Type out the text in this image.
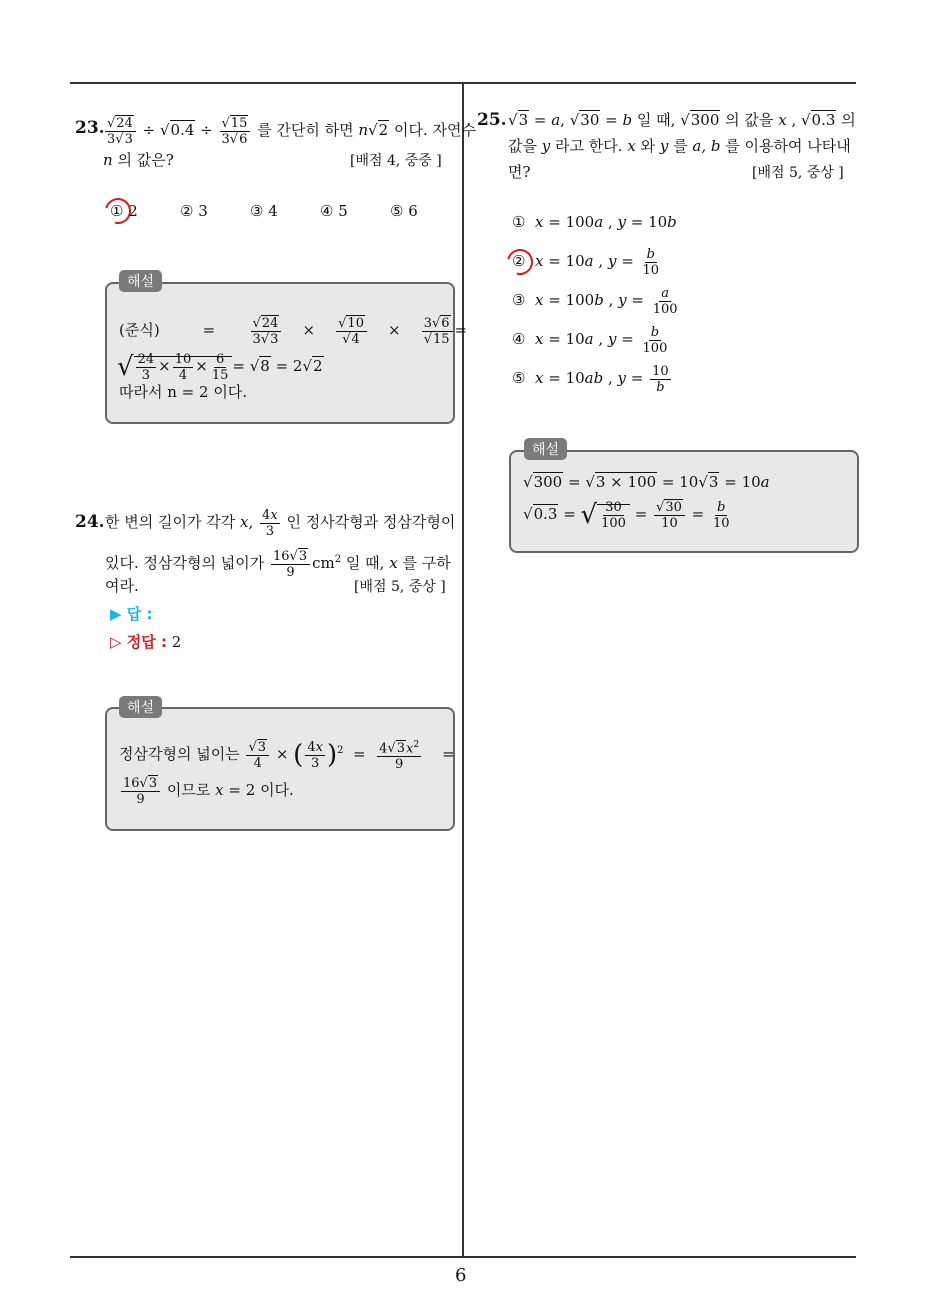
6
23. $\frac{√24}{3√3} \div √0.4 \div \frac{√15}{3√6}$ 를 간단히 하면 n√2 이다. 자연수
n 의 값은?	[배점 4, 중중 ]
① 2	② 3	③ 4	④ 5	⑤ 6
(준식)         = $\frac{√24}{3√3} \times \frac{√10}{√4} \times \frac{3√6}{√15}$ =
√ $\frac{24}{3} \times \frac{10}{4} \times \frac{6}{15} = √8 = 2√2$
따라서 n = 2 이다.
해설
24. 한 변의 길이가 각각 x, $\frac{4x}{3}$ 인 정사각형과 정삼각형이
있다. 정삼각형의 넓이가 $\frac{16√3}{9} cm^2$ 일 때, x 를 구하
여라.	[배점 5, 중상 ]
▶ 답 :
▷ 정답 : 2
정삼각형의 넓이는 $\frac{√3}{4}$ × ( $\frac{4x}{3} )^2 = \frac{4√3x^2}{9}$ =
$\frac{16√3}{9}$ 이므로 x = 2 이다.
해설
25. √3 = a, √30 = b 일 때, √300 의 값을 x , √0.3 의
값을 y 라고 한다. x 와 y 를 a, b 를 이용하여 나타내
면?	[배점 5, 중상 ]
① x = 100a , y = 10b
② x = 10a , $y = \frac{b}{10}$
③ x = 100b , $y = \frac{a}{100}$
④ x = 10a , $y = \frac{b}{100}$
⑤ x = 10ab , $y = \frac{10}{b}$
√300 = √3 × 100 = 10√3 = 10a
√0.3 = √ $\frac{30}{100} = \frac{√30}{10} = \frac{b}{10}$
해설
